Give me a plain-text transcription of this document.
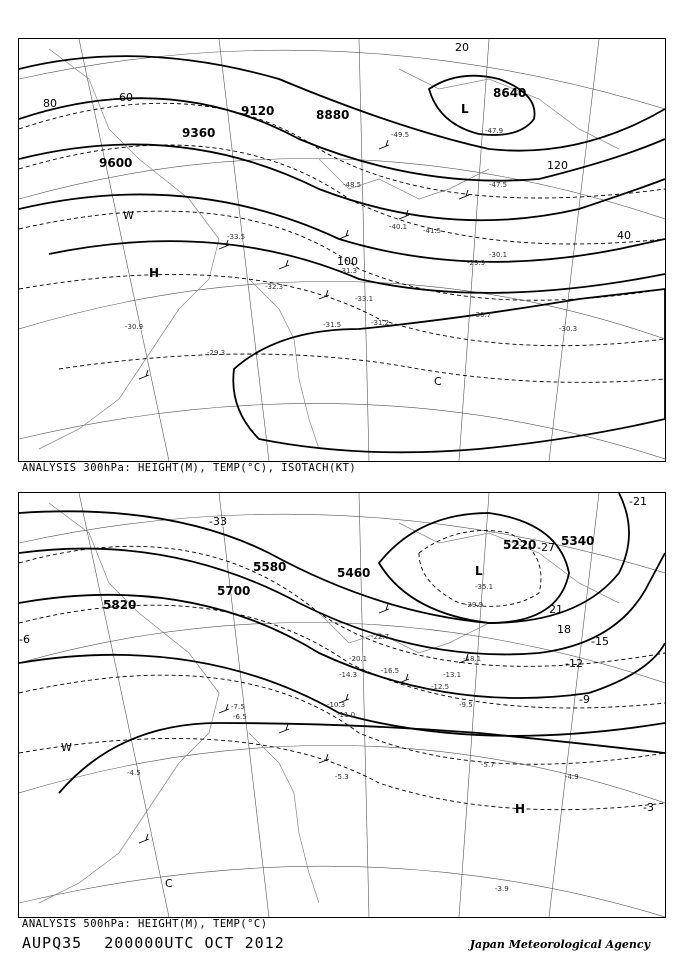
9600
9360
9120	8880
8640
20
40
60
80
100
120
L
H
W
C
-47.9
-49.5
-48.5	-47.5
-41.5
-40.1
-33.5
-31.3
-29.9
-32.3
-31.5
-30.7
-31.2
-33.1
-29.3
-30.3
-30.9
-30.1
ANALYSIS 300hPa: HEIGHT(M), TEMP(°C), ISOTACH(KT)
5820
5700
5580	5460
5340
5220
-21
-27
-33
-15
-12
-9
-6
-3
18
21
L
H
W
C
-35.1
-29.9
-22.7
-20.1	-18.1
-16.5
-14.3	-13.1
-12.5
-11.0
-10.3	-9.5
-7.5
-6.5
-5.3
-5.7
-4.9
-4.5
-3.9
ANALYSIS 500hPa: HEIGHT(M), TEMP(°C)
AUPQ35 200000UTC OCT 2012	Japan Meteorological Agency
